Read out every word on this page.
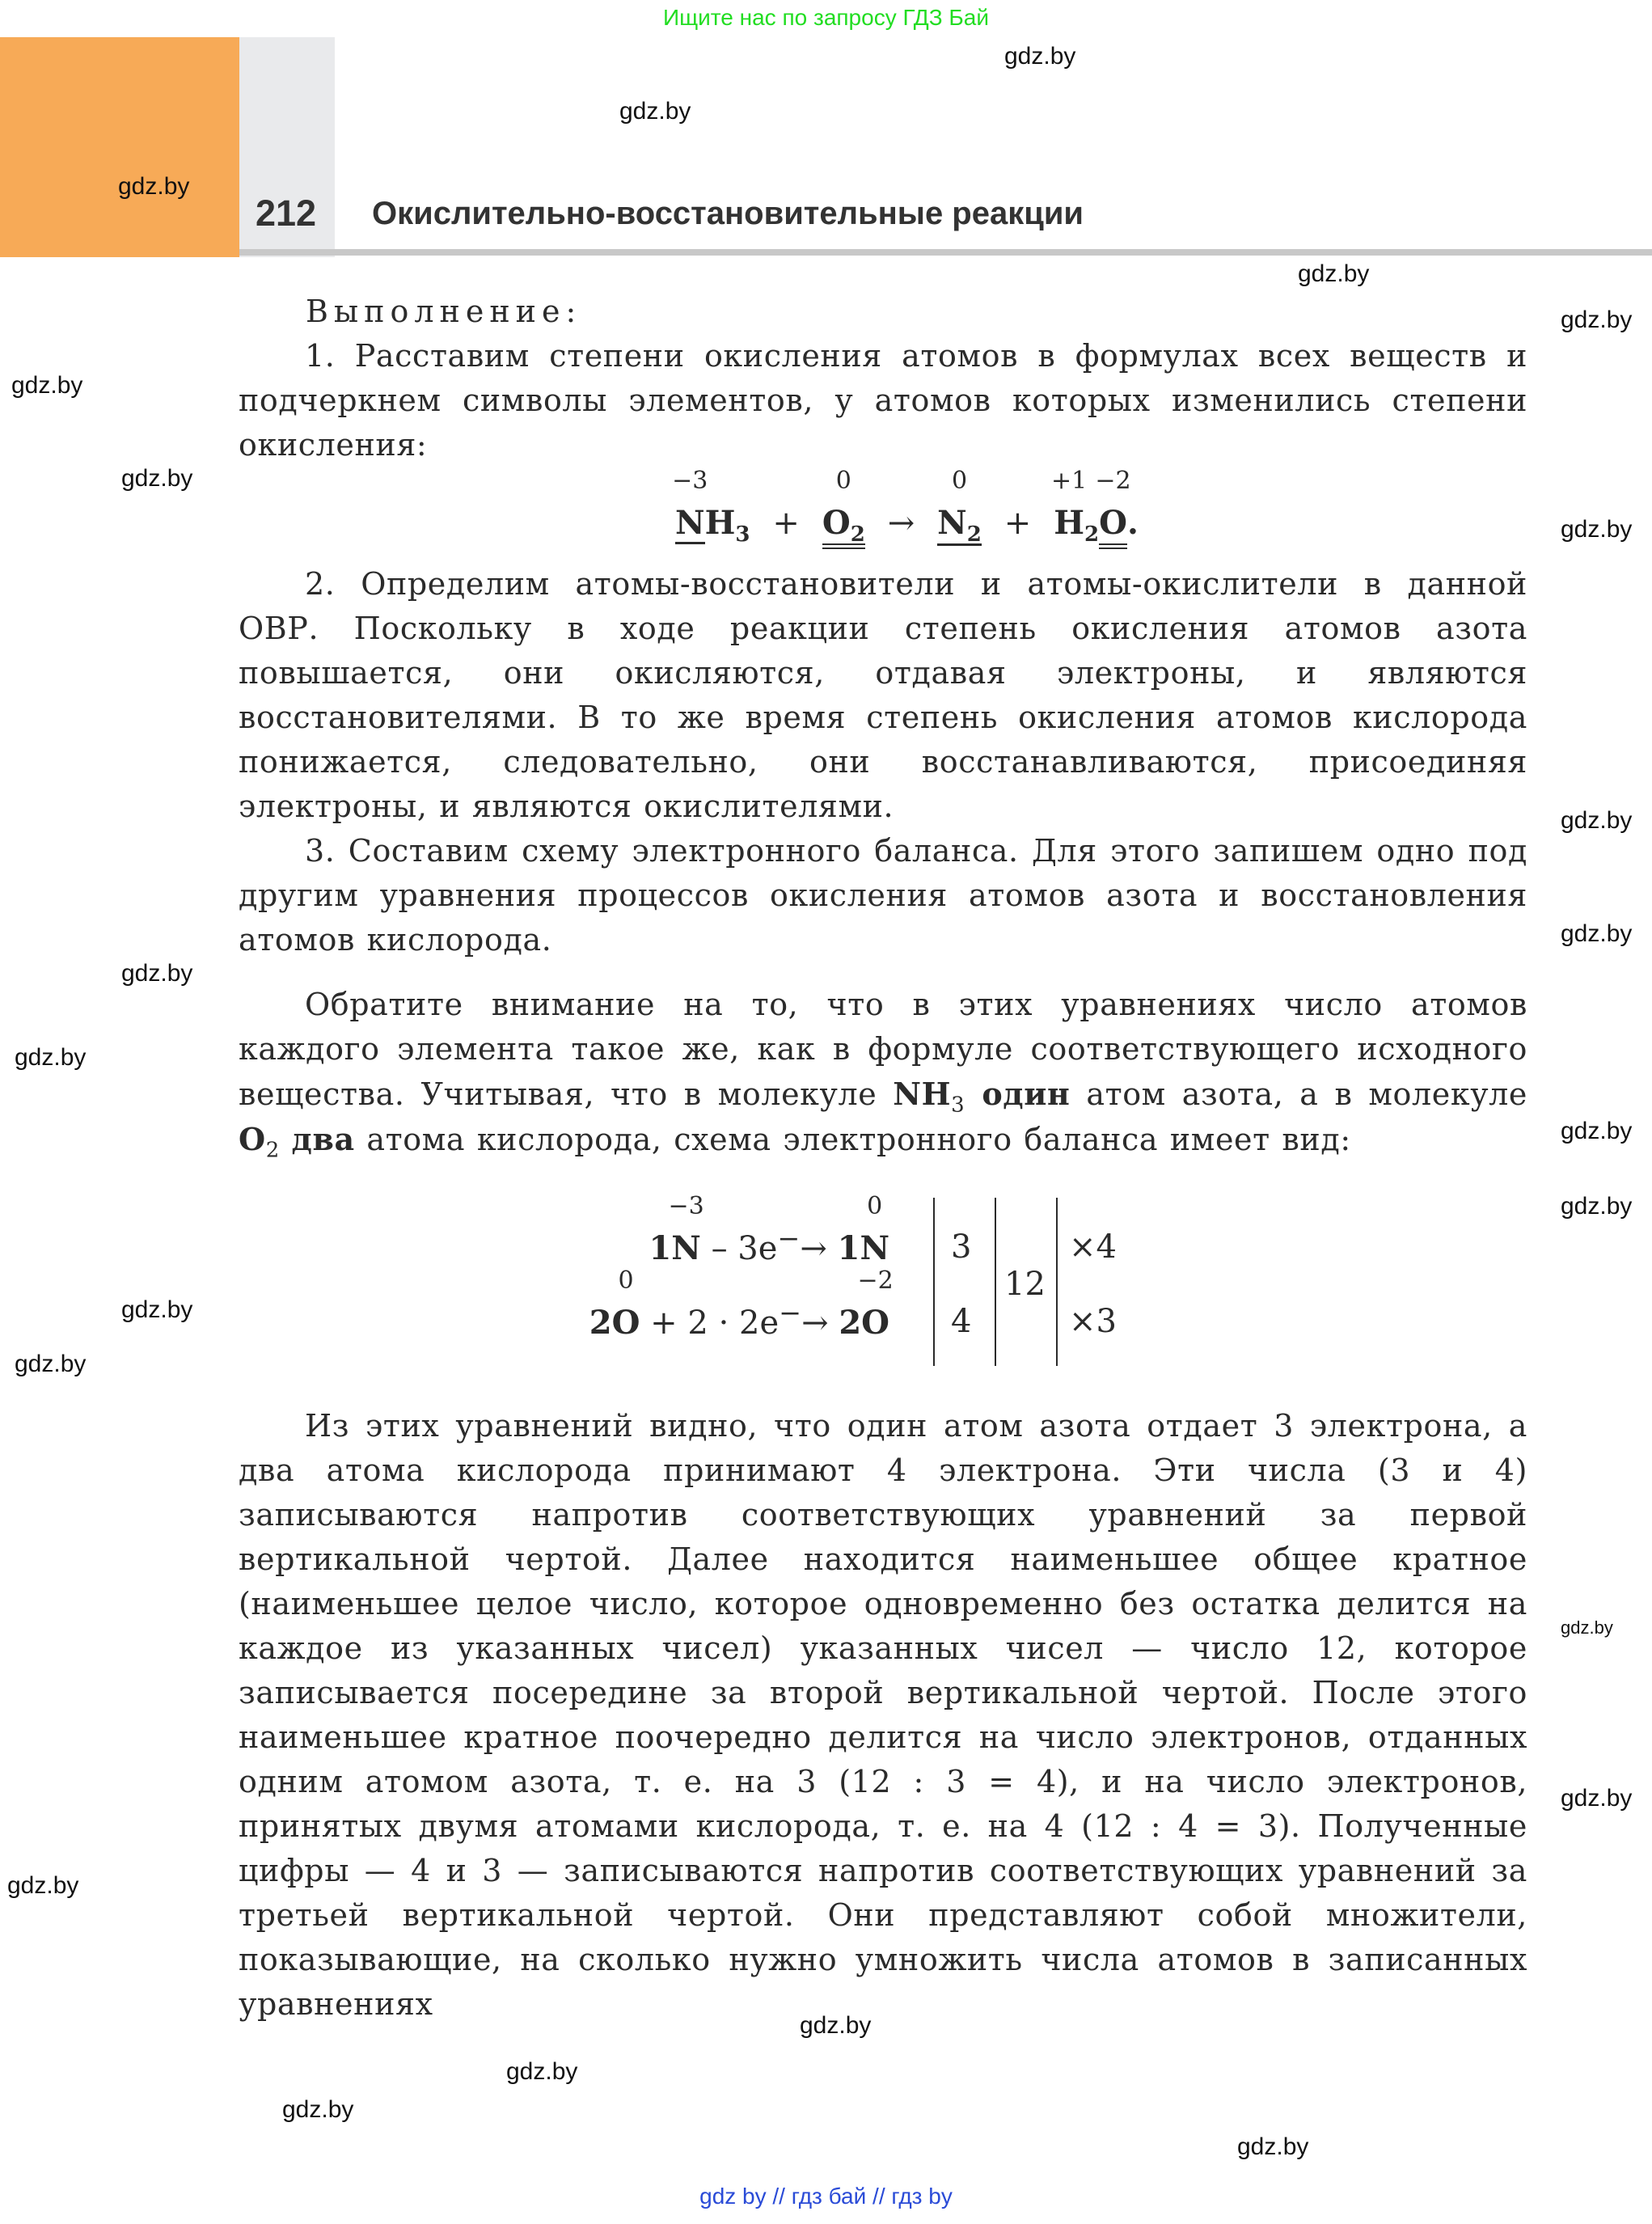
Ищите нас по запросу ГДЗ Бай
212 Окислительно-восстановительные реакции
Выполнение:

1. Расставим степени окисления атомов в формулах всех веществ и подчеркнем символы элементов, у атомов которых изменились степени окисления:

−3
$NH_3$ +
0
$O_2$ →
0
$N_2$ +
+1
$H_2$
−2
O.

2. Определим атомы-восстановители и атомы-окислители в данной ОВР. Поскольку в ходе реакции степень окисления атомов азота повышается, они окисляются, отдавая электроны, и являются восстановителями. В то же время степень окисления атомов кислорода понижается, следовательно, они восстанавливаются, присоединяя электроны, и являются окислителями.

3. Составим схему электронного баланса. Для этого запишем одно под другим уравнения процессов окисления атомов азота и восстановления атомов кислорода.

Обратите внимание на то, что в этих уравнениях число атомов каждого элемента такое же, как в формуле соответствующего исходного вещества. Учитывая, что в молекуле $NH_3$ один атом азота, а в молекуле $O_2$ два атома кислорода, схема электронного баланса имеет вид:

1
−3
N – 3e−→ 1
0
N
2
0
O + 2 · 2e−→ 2
−2
O
3
4
12
×4
×3

Из этих уравнений видно, что один атом азота отдает 3 электрона, а два атома кислорода принимают 4 электрона. Эти числа (3 и 4) записываются напротив соответствующих уравнений за первой вертикальной чертой. Далее находится наименьшее общее кратное (наименьшее целое число, которое одновременно без остатка делится на каждое из указанных чисел) указанных чисел — число 12, которое записывается посередине за второй вертикальной чертой. После этого наименьшее кратное поочередно делится на число электронов, отданных одним атомом азота, т. е. на 3 (12 : 3 = 4), и на число электронов, принятых двумя атомами кислорода, т. е. на 4 (12 : 4 = 3). Полученные цифры — 4 и 3 — записываются напротив соответствующих уравнений за третьей вертикальной чертой. Они представляют собой множители, показывающие, на сколько нужно умножить числа атомов в записанных уравнениях

gdz.by
gdz.by
gdz.by
gdz.by
gdz.by
gdz.by
gdz.by
gdz.by
gdz.by
gdz.by
gdz.by
gdz.by
gdz.by
gdz.by
gdz.by
gdz.by
gdz.by
gdz.by
gdz.by
gdz.by
gdz.by
gdz.by
gdz.by
gdz by // гдз бай // гдз by
